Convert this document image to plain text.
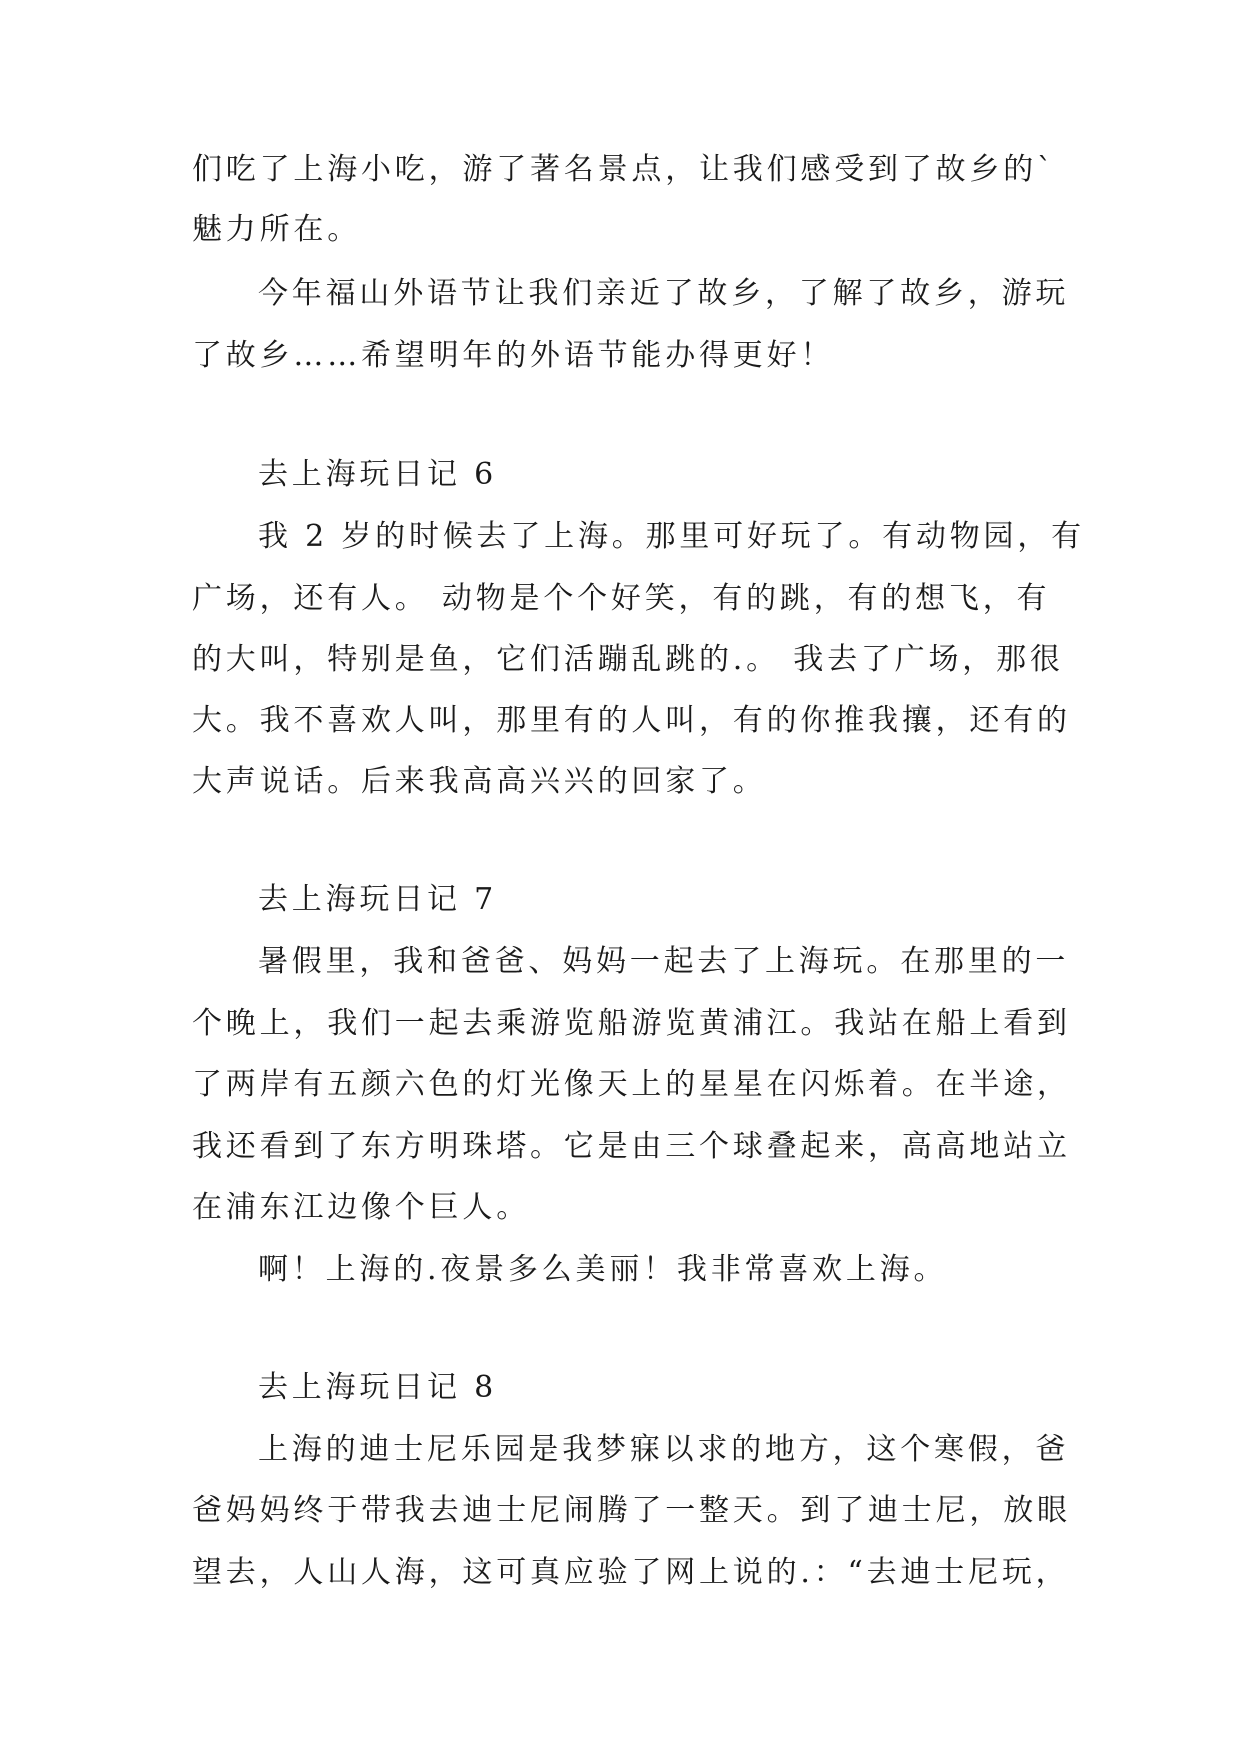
们吃了上海小吃，游了著名景点，让我们感受到了故乡的`
魅力所在。
今年福山外语节让我们亲近了故乡，了解了故乡，游玩
了故乡……希望明年的外语节能办得更好！
去上海玩日记 6
我 2 岁的时候去了上海。那里可好玩了。有动物园，有
广场，还有人。 动物是个个好笑，有的跳，有的想飞，有
的大叫，特别是鱼，它们活蹦乱跳的.。 我去了广场，那很
大。我不喜欢人叫，那里有的人叫，有的你推我攘，还有的
大声说话。后来我高高兴兴的回家了。
去上海玩日记 7
暑假里，我和爸爸、妈妈一起去了上海玩。在那里的一
个晚上，我们一起去乘游览船游览黄浦江。我站在船上看到
了两岸有五颜六色的灯光像天上的星星在闪烁着。在半途，
我还看到了东方明珠塔。它是由三个球叠起来，高高地站立
在浦东江边像个巨人。
啊！上海的.夜景多么美丽！我非常喜欢上海。
去上海玩日记 8
上海的迪士尼乐园是我梦寐以求的地方，这个寒假，爸
爸妈妈终于带我去迪士尼闹腾了一整天。到了迪士尼，放眼
望去，人山人海，这可真应验了网上说的.：“去迪士尼玩，
